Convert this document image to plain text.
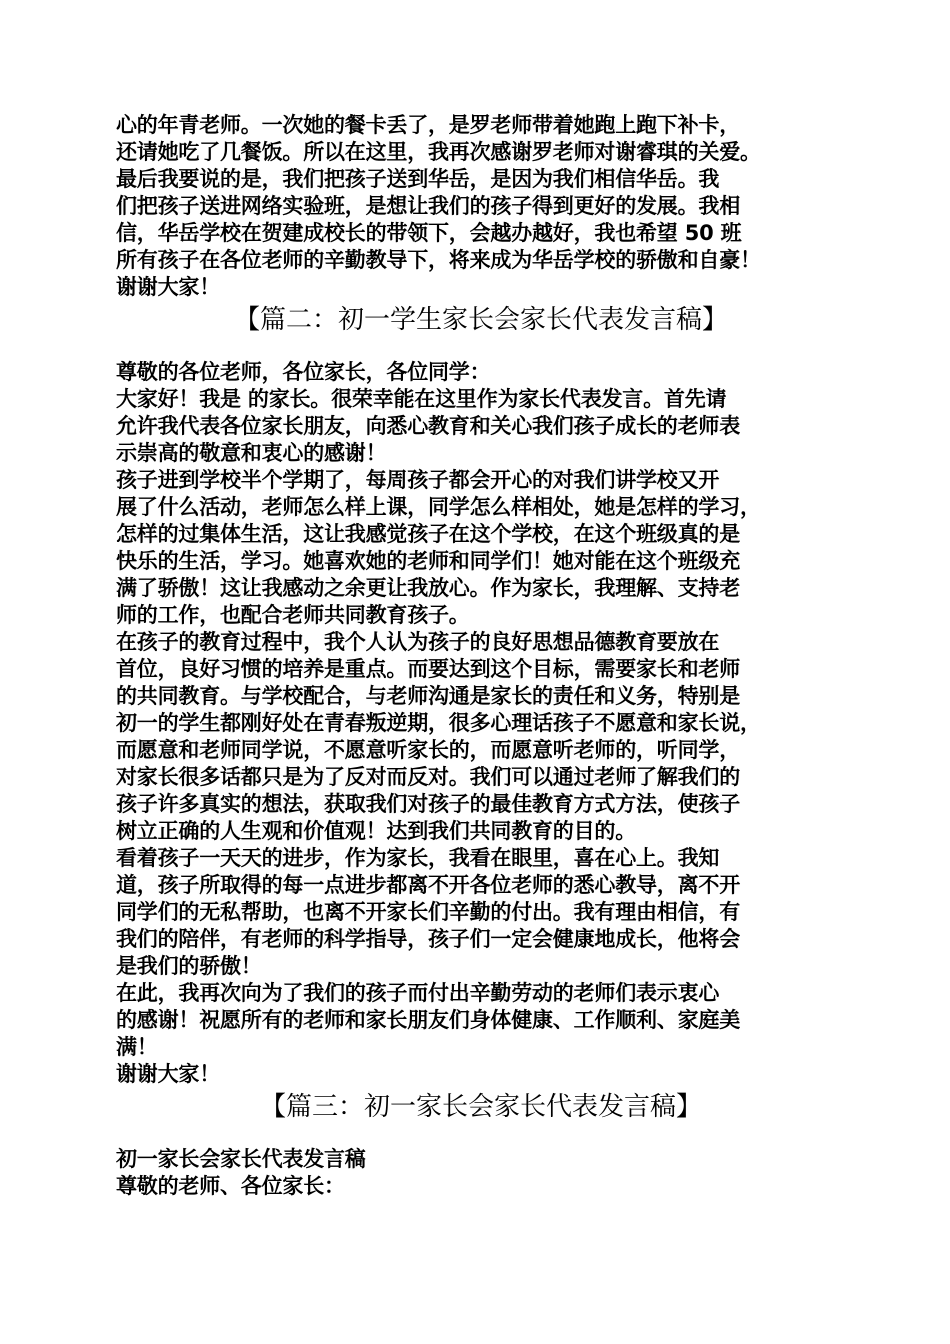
心的年青老师。一次她的餐卡丢了，是罗老师带着她跑上跑下补卡，
还请她吃了几餐饭。所以在这里，我再次感谢罗老师对谢睿琪的关爱。
最后我要说的是，我们把孩子送到华岳，是因为我们相信华岳。我
们把孩子送进网络实验班，是想让我们的孩子得到更好的发展。我相
信，华岳学校在贺建成校长的带领下，会越办越好，我也希望 50 班
所有孩子在各位老师的辛勤教导下，将来成为华岳学校的骄傲和自豪！
谢谢大家！
【篇二：初一学生家长会家长代表发言稿】
尊敬的各位老师，各位家长，各位同学：
大家好！我是 的家长。很荣幸能在这里作为家长代表发言。首先请
允许我代表各位家长朋友，向悉心教育和关心我们孩子成长的老师表
示崇高的敬意和衷心的感谢！
孩子进到学校半个学期了，每周孩子都会开心的对我们讲学校又开
展了什么活动，老师怎么样上课，同学怎么样相处，她是怎样的学习，
怎样的过集体生活，这让我感觉孩子在这个学校，在这个班级真的是
快乐的生活，学习。她喜欢她的老师和同学们！她对能在这个班级充
满了骄傲！这让我感动之余更让我放心。作为家长，我理解、支持老
师的工作，也配合老师共同教育孩子。
在孩子的教育过程中，我个人认为孩子的良好思想品德教育要放在
首位，良好习惯的培养是重点。而要达到这个目标，需要家长和老师
的共同教育。与学校配合，与老师沟通是家长的责任和义务，特别是
初一的学生都刚好处在青春叛逆期，很多心理话孩子不愿意和家长说，
而愿意和老师同学说，不愿意听家长的，而愿意听老师的，听同学，
对家长很多话都只是为了反对而反对。我们可以通过老师了解我们的
孩子许多真实的想法，获取我们对孩子的最佳教育方式方法，使孩子
树立正确的人生观和价值观！达到我们共同教育的目的。
看着孩子一天天的进步，作为家长，我看在眼里，喜在心上。我知
道，孩子所取得的每一点进步都离不开各位老师的悉心教导，离不开
同学们的无私帮助，也离不开家长们辛勤的付出。我有理由相信，有
我们的陪伴，有老师的科学指导，孩子们一定会健康地成长，他将会
是我们的骄傲！
在此，我再次向为了我们的孩子而付出辛勤劳动的老师们表示衷心
的感谢！祝愿所有的老师和家长朋友们身体健康、工作顺利、家庭美
满！
谢谢大家！
【篇三：初一家长会家长代表发言稿】
初一家长会家长代表发言稿
尊敬的老师、各位家长：
